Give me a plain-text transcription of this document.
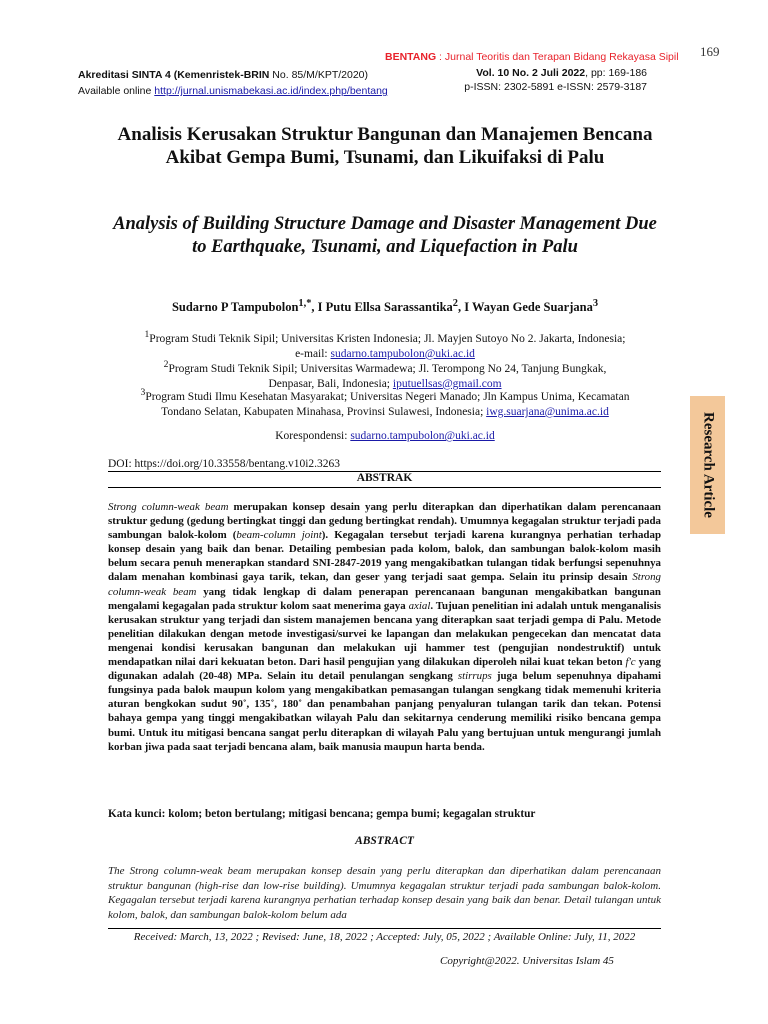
169
BENTANG : Jurnal Teoritis dan Terapan Bidang Rekayasa Sipil
Vol. 10 No. 2 Juli 2022, pp: 169-186
p-ISSN: 2302-5891 e-ISSN: 2579-3187
Akreditasi SINTA 4 (Kemenristek-BRIN No. 85/M/KPT/2020)
Available online http://jurnal.unismabekasi.ac.id/index.php/bentang
Analisis Kerusakan Struktur Bangunan dan Manajemen Bencana Akibat Gempa Bumi, Tsunami, dan Likuifaksi di Palu
Analysis of Building Structure Damage and Disaster Management Due to Earthquake, Tsunami, and Liquefaction in Palu
Sudarno P Tampubolon$^{1,*}$, I Putu Ellsa Sarassantika$^2$, I Wayan Gede Suarjana$^3$
$^1$Program Studi Teknik Sipil; Universitas Kristen Indonesia; Jl. Mayjen Sutoyo No 2. Jakarta, Indonesia;
e-mail: sudarno.tampubolon@uki.ac.id
$^2$Program Studi Teknik Sipil; Universitas Warmadewa; Jl. Terompong No 24, Tanjung Bungkak,
Denpasar, Bali, Indonesia; iputuellsas@gmail.com
$^3$Program Studi Ilmu Kesehatan Masyarakat; Universitas Negeri Manado; Jln Kampus Unima, Kecamatan
Tondano Selatan, Kabupaten Minahasa, Provinsi Sulawesi, Indonesia; iwg.suarjana@unima.ac.id
Korespondensi: sudarno.tampubolon@uki.ac.id
DOI: https://doi.org/10.33558/bentang.v10i2.3263
ABSTRAK
Strong column-weak beam merupakan konsep desain yang perlu diterapkan dan diperhatikan dalam perencanaan struktur gedung (gedung bertingkat tinggi dan gedung bertingkat rendah). Umumnya kegagalan struktur terjadi pada sambungan balok-kolom (beam-column joint). Kegagalan tersebut terjadi karena kurangnya perhatian terhadap konsep desain yang baik dan benar. Detailing pembesian pada kolom, balok, dan sambungan balok-kolom masih belum secara penuh menerapkan standard SNI-2847-2019 yang mengakibatkan tulangan tidak berfungsi sepenuhnya dalam menahan kombinasi gaya tarik, tekan, dan geser yang terjadi saat gempa. Selain itu prinsip desain Strong column-weak beam yang tidak lengkap di dalam penerapan perencanaan bangunan mengakibatkan bangunan mengalami kegagalan pada struktur kolom saat menerima gaya axial. Tujuan penelitian ini adalah untuk menganalisis kerusakan struktur yang terjadi dan sistem manajemen bencana yang diterapkan saat terjadi gempa di Palu. Metode penelitian dilakukan dengan metode investigasi/survei ke lapangan dan melakukan pengecekan dan mencatat data mengenai kondisi kerusakan bangunan dan melakukan uji hammer test (pengujian nondestruktif) untuk mendapatkan nilai dari kekuatan beton. Dari hasil pengujian yang dilakukan diperoleh nilai kuat tekan beton f'c yang digunakan adalah (20-48) MPa. Selain itu detail penulangan sengkang stirrups juga belum sepenuhnya dipahami fungsinya pada balok maupun kolom yang mengakibatkan pemasangan tulangan sengkang tidak memenuhi kriteria aturan bengkokan sudut 90˚, 135˚, 180˚ dan penambahan panjang penyaluran tulangan tarik dan tekan. Potensi bahaya gempa yang tinggi mengakibatkan wilayah Palu dan sekitarnya cenderung memiliki risiko bencana gempa bumi. Untuk itu mitigasi bencana sangat perlu diterapkan di wilayah Palu yang bertujuan untuk mengurangi jumlah korban jiwa pada saat terjadi bencana alam, baik manusia maupun harta benda.
Kata kunci: kolom; beton bertulang; mitigasi bencana; gempa bumi; kegagalan struktur
ABSTRACT
The Strong column-weak beam merupakan konsep desain yang perlu diterapkan dan diperhatikan dalam perencanaan struktur bangunan (high-rise dan low-rise building). Umumnya kegagalan struktur terjadi pada sambungan balok-kolom. Kegagalan tersebut terjadi karena kurangnya perhatian terhadap konsep desain yang baik dan benar. Detail tulangan untuk kolom, balok, dan sambungan balok-kolom belum ada
Received: March, 13, 2022 ; Revised: June, 18, 2022 ; Accepted: July, 05, 2022 ; Available Online: July, 11, 2022
Copyright@2022. Universitas Islam 45
Research Article
